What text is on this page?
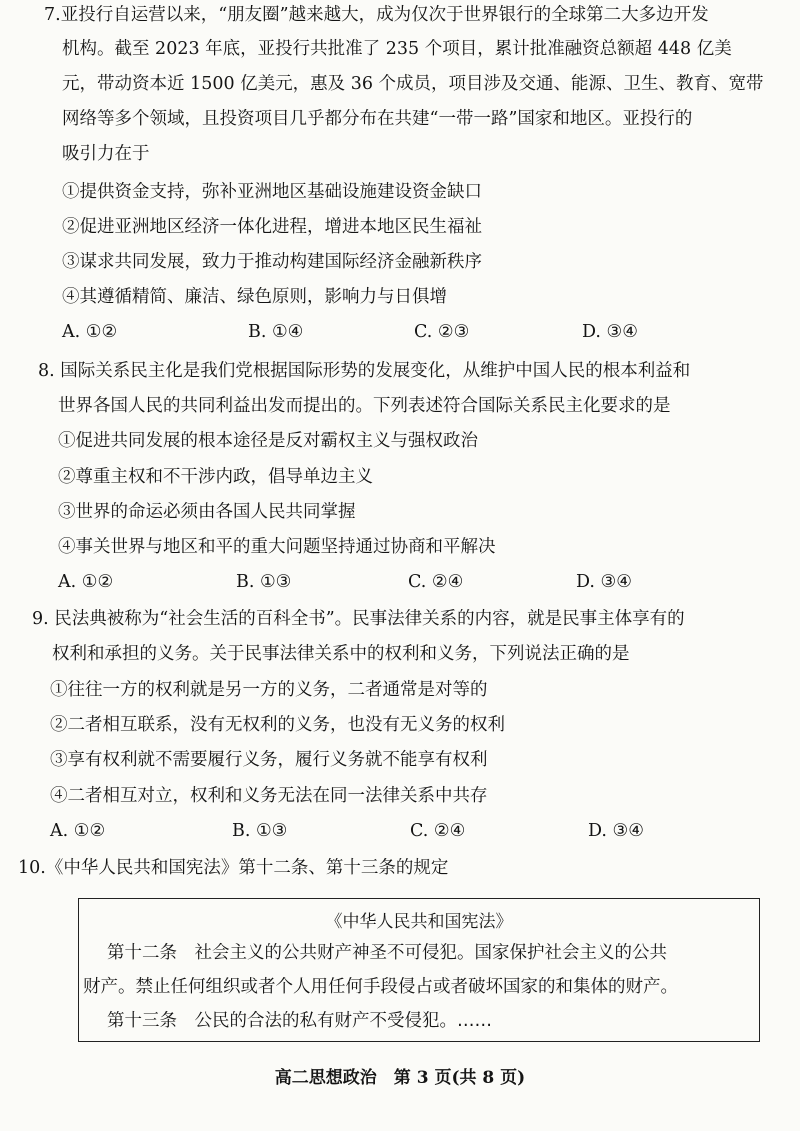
7.亚投行自运营以来，“朋友圈”越来越大，成为仅次于世界银行的全球第二大多边开发
机构。截至 2023 年底，亚投行共批准了 235 个项目，累计批准融资总额超 448 亿美
元，带动资本近 1500 亿美元，惠及 36 个成员，项目涉及交通、能源、卫生、教育、宽带
网络等多个领域，且投资项目几乎都分布在共建“一带一路”国家和地区。亚投行的
吸引力在于
①提供资金支持，弥补亚洲地区基础设施建设资金缺口
②促进亚洲地区经济一体化进程，增进本地区民生福祉
③谋求共同发展，致力于推动构建国际经济金融新秩序
④其遵循精简、廉洁、绿色原则，影响力与日俱增
A. ①②	B. ①④	C. ②③	D. ③④
8. 国际关系民主化是我们党根据国际形势的发展变化，从维护中国人民的根本利益和
世界各国人民的共同利益出发而提出的。下列表述符合国际关系民主化要求的是
①促进共同发展的根本途径是反对霸权主义与强权政治
②尊重主权和不干涉内政，倡导单边主义
③世界的命运必须由各国人民共同掌握
④事关世界与地区和平的重大问题坚持通过协商和平解决
A. ①②	B. ①③	C. ②④	D. ③④
9. 民法典被称为“社会生活的百科全书”。民事法律关系的内容，就是民事主体享有的
权利和承担的义务。关于民事法律关系中的权利和义务，下列说法正确的是
①往往一方的权利就是另一方的义务，二者通常是对等的
②二者相互联系，没有无权利的义务，也没有无义务的权利
③享有权利就不需要履行义务，履行义务就不能享有权利
④二者相互对立，权利和义务无法在同一法律关系中共存
A. ①②	B. ①③	C. ②④	D. ③④
10.《中华人民共和国宪法》第十二条、第十三条的规定
《中华人民共和国宪法》
第十二条　社会主义的公共财产神圣不可侵犯。国家保护社会主义的公共
财产。禁止任何组织或者个人用任何手段侵占或者破坏国家的和集体的财产。
第十三条　公民的合法的私有财产不受侵犯。……
高二思想政治　第 3 页(共 8 页)
